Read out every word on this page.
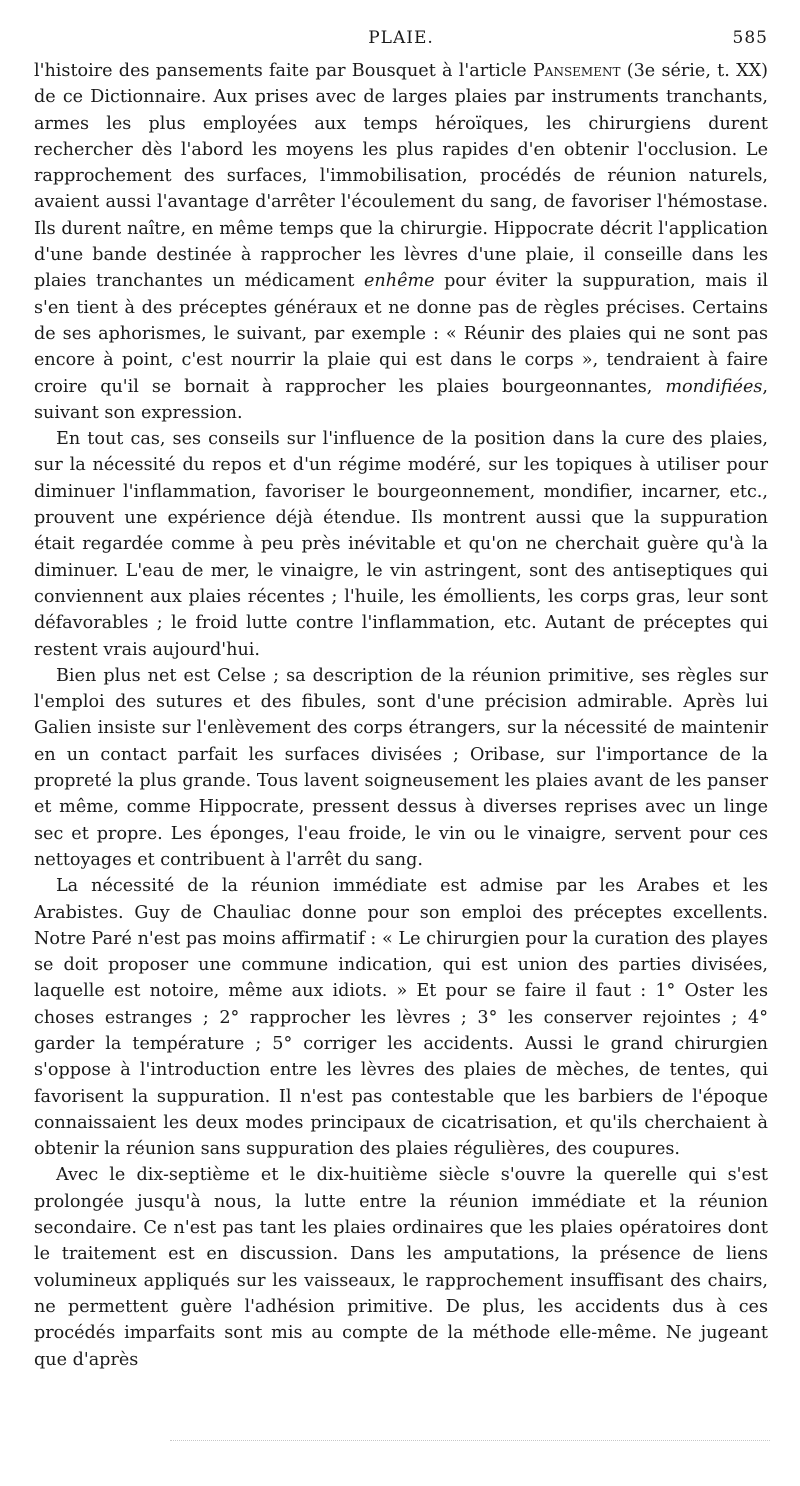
PLAIE.	585

l'histoire des pansements faite par Bousquet à l'article Pansement (3e série, t. XX) de ce Dictionnaire. Aux prises avec de larges plaies par instruments tranchants, armes les plus employées aux temps héroïques, les chirurgiens durent rechercher dès l'abord les moyens les plus rapides d'en obtenir l'occlusion. Le rapprochement des surfaces, l'immobilisation, procédés de réunion naturels, avaient aussi l'avantage d'arrêter l'écoulement du sang, de favoriser l'hémostase. Ils durent naître, en même temps que la chirurgie. Hippocrate décrit l'application d'une bande destinée à rapprocher les lèvres d'une plaie, il conseille dans les plaies tranchantes un médicament enhême pour éviter la suppuration, mais il s'en tient à des préceptes généraux et ne donne pas de règles précises. Certains de ses aphorismes, le suivant, par exemple : « Réunir des plaies qui ne sont pas encore à point, c'est nourrir la plaie qui est dans le corps », tendraient à faire croire qu'il se bornait à rapprocher les plaies bourgeonnantes, mondifiées, suivant son expression.

En tout cas, ses conseils sur l'influence de la position dans la cure des plaies, sur la nécessité du repos et d'un régime modéré, sur les topiques à utiliser pour diminuer l'inflammation, favoriser le bourgeonnement, mondifier, incarner, etc., prouvent une expérience déjà étendue. Ils montrent aussi que la suppuration était regardée comme à peu près inévitable et qu'on ne cherchait guère qu'à la diminuer. L'eau de mer, le vinaigre, le vin astringent, sont des antiseptiques qui conviennent aux plaies récentes ; l'huile, les émollients, les corps gras, leur sont défavorables ; le froid lutte contre l'inflammation, etc. Autant de préceptes qui restent vrais aujourd'hui.

Bien plus net est Celse ; sa description de la réunion primitive, ses règles sur l'emploi des sutures et des fibules, sont d'une précision admirable. Après lui Galien insiste sur l'enlèvement des corps étrangers, sur la nécessité de maintenir en un contact parfait les surfaces divisées ; Oribase, sur l'importance de la propreté la plus grande. Tous lavent soigneusement les plaies avant de les panser et même, comme Hippocrate, pressent dessus à diverses reprises avec un linge sec et propre. Les éponges, l'eau froide, le vin ou le vinaigre, servent pour ces nettoyages et contribuent à l'arrêt du sang.

La nécessité de la réunion immédiate est admise par les Arabes et les Arabistes. Guy de Chauliac donne pour son emploi des préceptes excellents. Notre Paré n'est pas moins affirmatif : « Le chirurgien pour la curation des playes se doit proposer une commune indication, qui est union des parties divisées, laquelle est notoire, même aux idiots. » Et pour se faire il faut : 1° Oster les choses estranges ; 2° rapprocher les lèvres ; 3° les conserver rejointes ; 4° garder la température ; 5° corriger les accidents. Aussi le grand chirurgien s'oppose à l'introduction entre les lèvres des plaies de mèches, de tentes, qui favorisent la suppuration. Il n'est pas contestable que les barbiers de l'époque connaissaient les deux modes principaux de cicatrisation, et qu'ils cherchaient à obtenir la réunion sans suppuration des plaies régulières, des coupures.

Avec le dix-septième et le dix-huitième siècle s'ouvre la querelle qui s'est prolongée jusqu'à nous, la lutte entre la réunion immédiate et la réunion secondaire. Ce n'est pas tant les plaies ordinaires que les plaies opératoires dont le traitement est en discussion. Dans les amputations, la présence de liens volumineux appliqués sur les vaisseaux, le rapprochement insuffisant des chairs, ne permettent guère l'adhésion primitive. De plus, les accidents dus à ces procédés imparfaits sont mis au compte de la méthode elle-même. Ne jugeant que d'après
